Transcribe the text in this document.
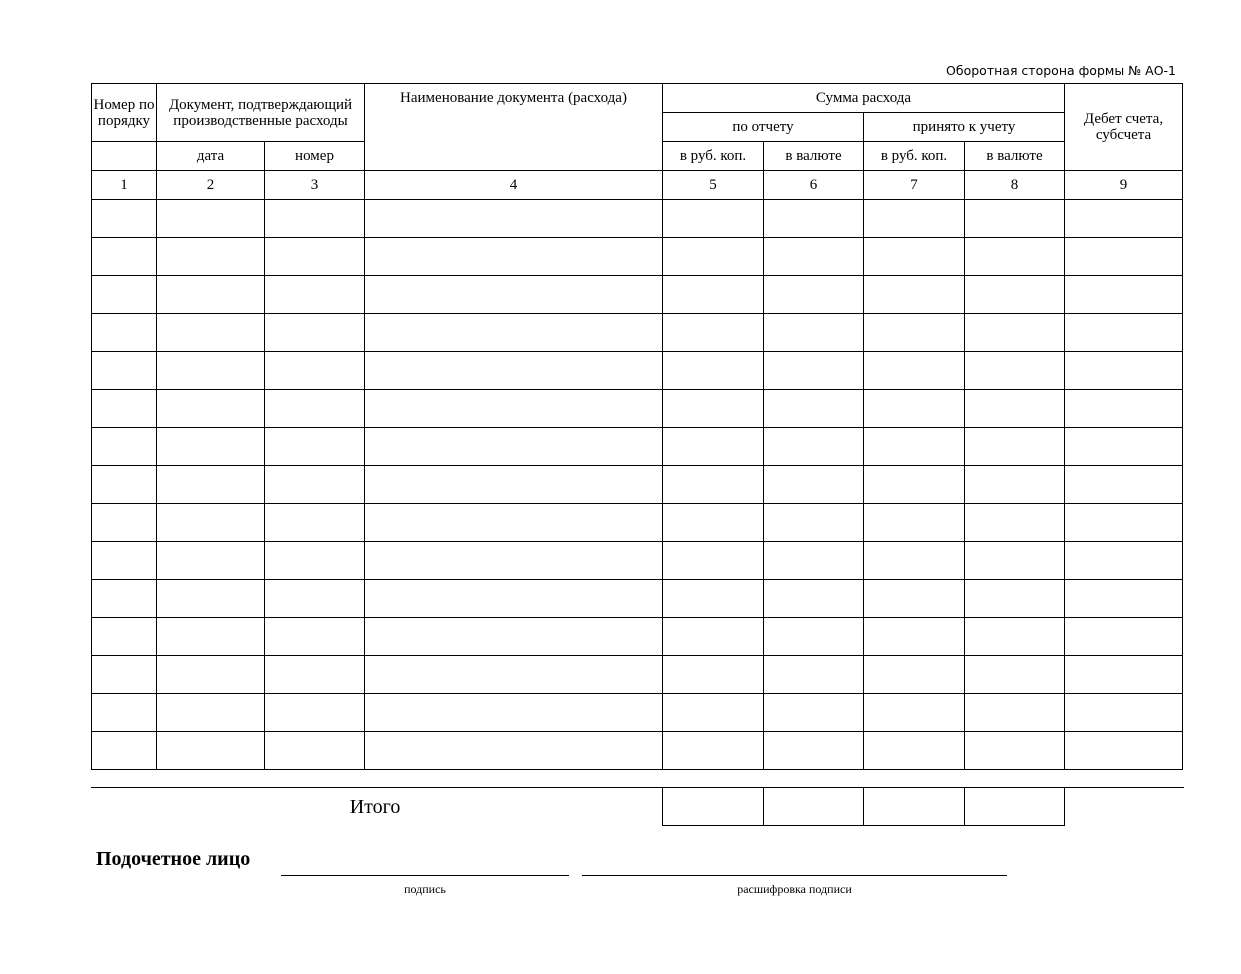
Оборотная сторона формы № АО-1
Номер по порядку	Документ, подтверждающий производственные расходы		Наименование документа (расхода)	Сумма расхода				Дебет счета, субсчета
				по отчету		принято к учету		
	дата	номер		в руб. коп.	в валюте	в руб. коп.	в валюте	
1	2	3	4	5	6	7	8	9

Итого

Подочетное лицо
подпись	расшифровка подписи
